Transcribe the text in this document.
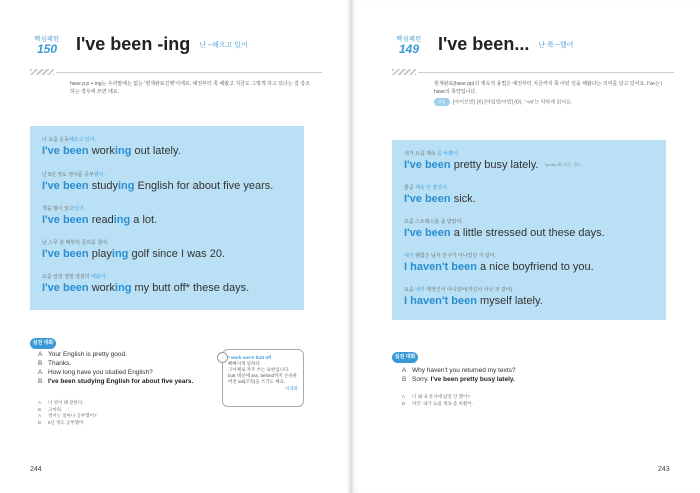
핵심패턴
150	I've been -ing 난 ~해오고 있어
have p.p + ing는 우리말에는 없는 '현재완료진행'이에요. 예전부터 쭉 해왔고 지금도 그렇게 하고 있다는 걸 강조하는 경우에 쓰면 돼요.
나 요즘 운동해오고 있어.
I've been working out lately.
난 5년 정도 영어를 공부했어.
I've been studying English for about five years.
책을 많이 읽고있어.
I've been reading a lot.
난 스무 살 때부터 골프를 쳤어.
I've been playing golf since I was 20.
요즘 일만 정말 열심히 해왔어.
I've been working my butt off* these days.
실전 대화
A Your English is pretty good.
B Thanks.
A How long have you studied English?
B I've been studying English for about five years.
A 너 영어 꽤 잘한다.
B 고마워.
A 영어는 얼마나 공부했어?
B 5년 정도 공부했어.
* work one's butt off
뼈빠지게 일하다
구어체로 자주 쓰는 표현입니다. butt 대신에 ass, behind까지 손쉬운 버전 tail(꼬리)을 쓰기도 해요.
비대화
244
핵심패턴
149	I've been... 난 쭉 ~했어
현재완료(have pp)의 계속적 용법은 예전부터 지금까지 쭉 어떤 일을 해왔다는 의미를 담고 있어요. I've는 I have의 축약입니다.
발음 [아이브빈] (X) [아입빈/어빈] (O). '~ve'는 약하게 읽어요.
내가 요즘 계속 좀 바빴어.
I've been pretty busy lately. *pretty 꽤, 아주, 정도
줄곧 계속 안 좋았어.
I've been sick.
요즘 스트레스를 좀 받았어.
I've been a little stressed out these days.
내가 괜찮은 남자 친구가 아니었던 거 같아.
I haven't been a nice boyfriend to you.
요즘 내가 제정신이 아니었어(자신이 아닌 것 같아).
I haven't been myself lately.
실전 대화
A Why haven't you returned my texts?
B Sorry. I've been pretty busy lately.
A 너 왜 내 문자에 답장 안 했어?
B 미안. 내가 요즘 계속 좀 바빴어.
243
